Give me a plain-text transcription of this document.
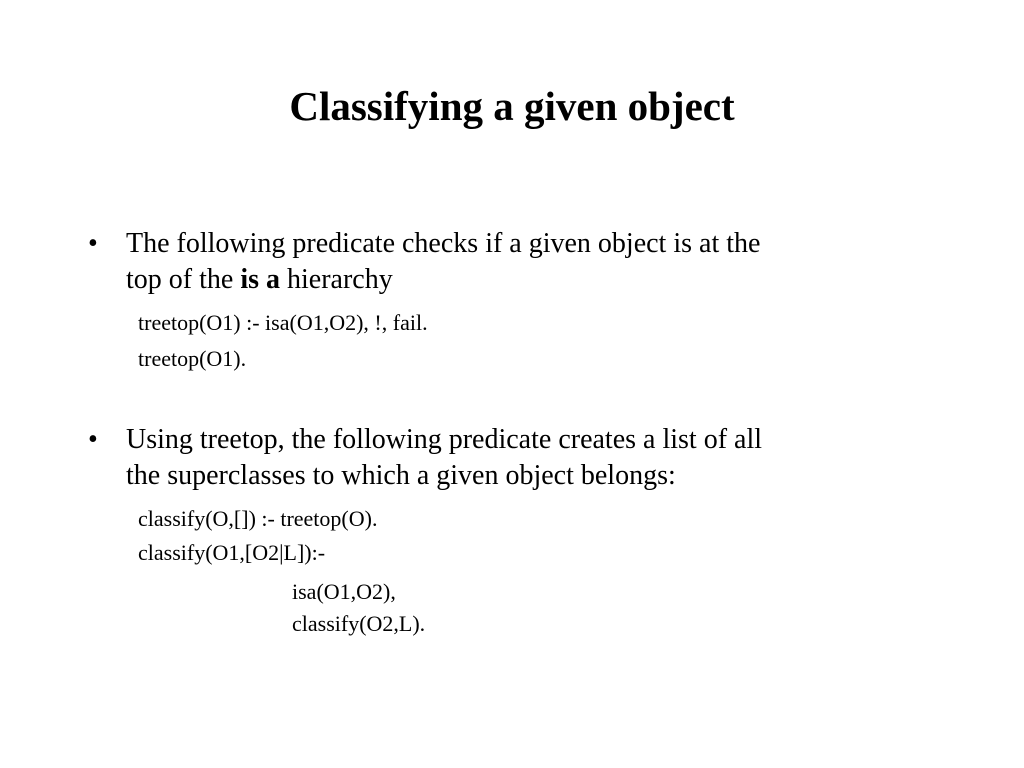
Classifying a given object
• The following predicate checks if a given object is at the
top of the is a hierarchy
treetop(O1) :- isa(O1,O2), !, fail.
treetop(O1).
• Using treetop, the following predicate creates a list of all
the superclasses to which a given object belongs:
classify(O,[]) :- treetop(O).
classify(O1,[O2|L]):-
isa(O1,O2),
classify(O2,L).
